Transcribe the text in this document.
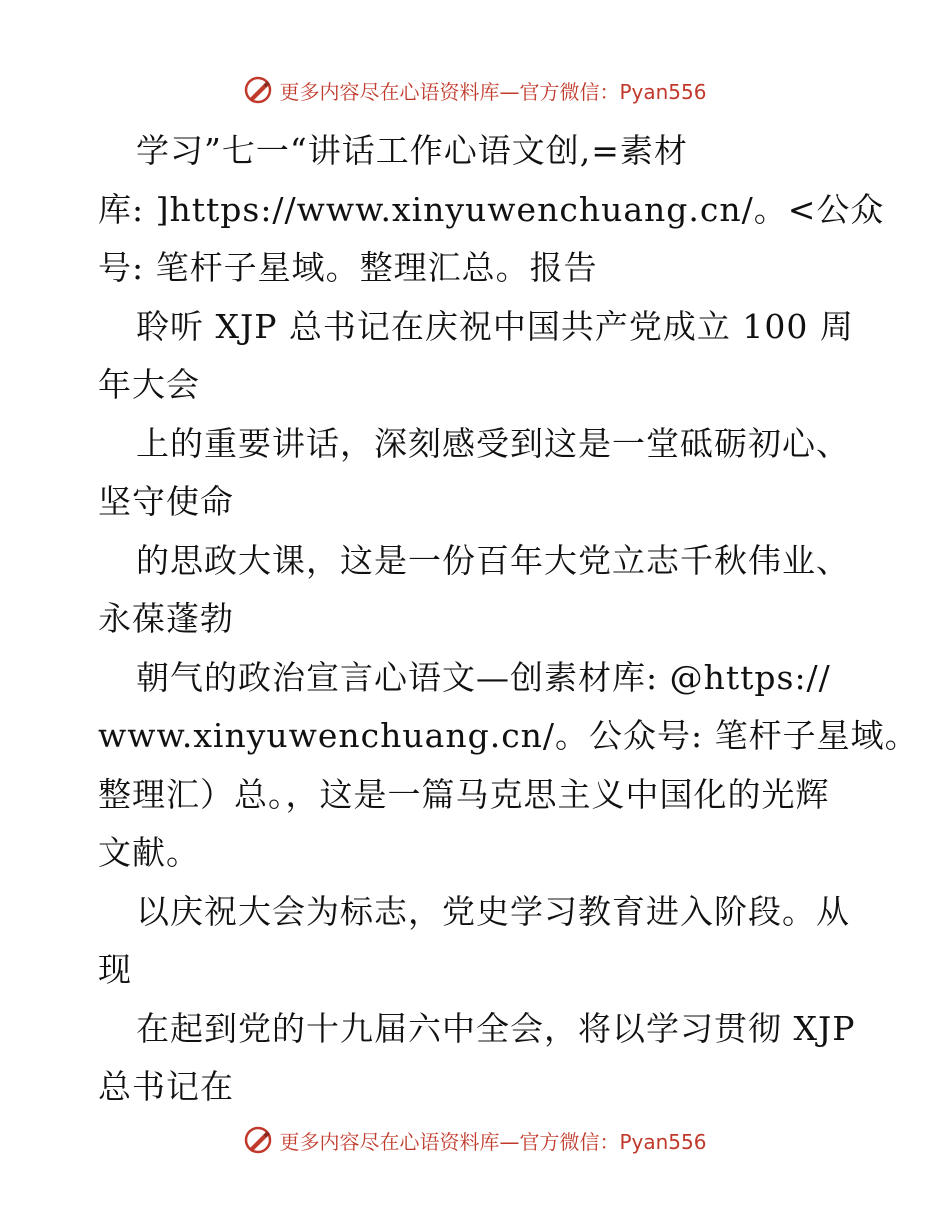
更多内容尽在心语资料库—官方微信：Pyan556
学习”七一“讲话工作心语文创,=素材
库: ]https://www.xinyuwenchuang.cn/。<公众
号: 笔杆子星域。整理汇总。报告
聆听 XJP 总书记在庆祝中国共产党成立 100 周
年大会
上的重要讲话，深刻感受到这是一堂砥砺初心、
坚守使命
的思政大课，这是一份百年大党立志千秋伟业、
永葆蓬勃
朝气的政治宣言心语文—创素材库: @https://
www.xinyuwenchuang.cn/。公众号: 笔杆子星域。
整理汇）总。，这是一篇马克思主义中国化的光辉
文献。
以庆祝大会为标志，党史学习教育进入阶段。从
现
在起到党的十九届六中全会，将以学习贯彻 XJP
总书记在
更多内容尽在心语资料库—官方微信：Pyan556
